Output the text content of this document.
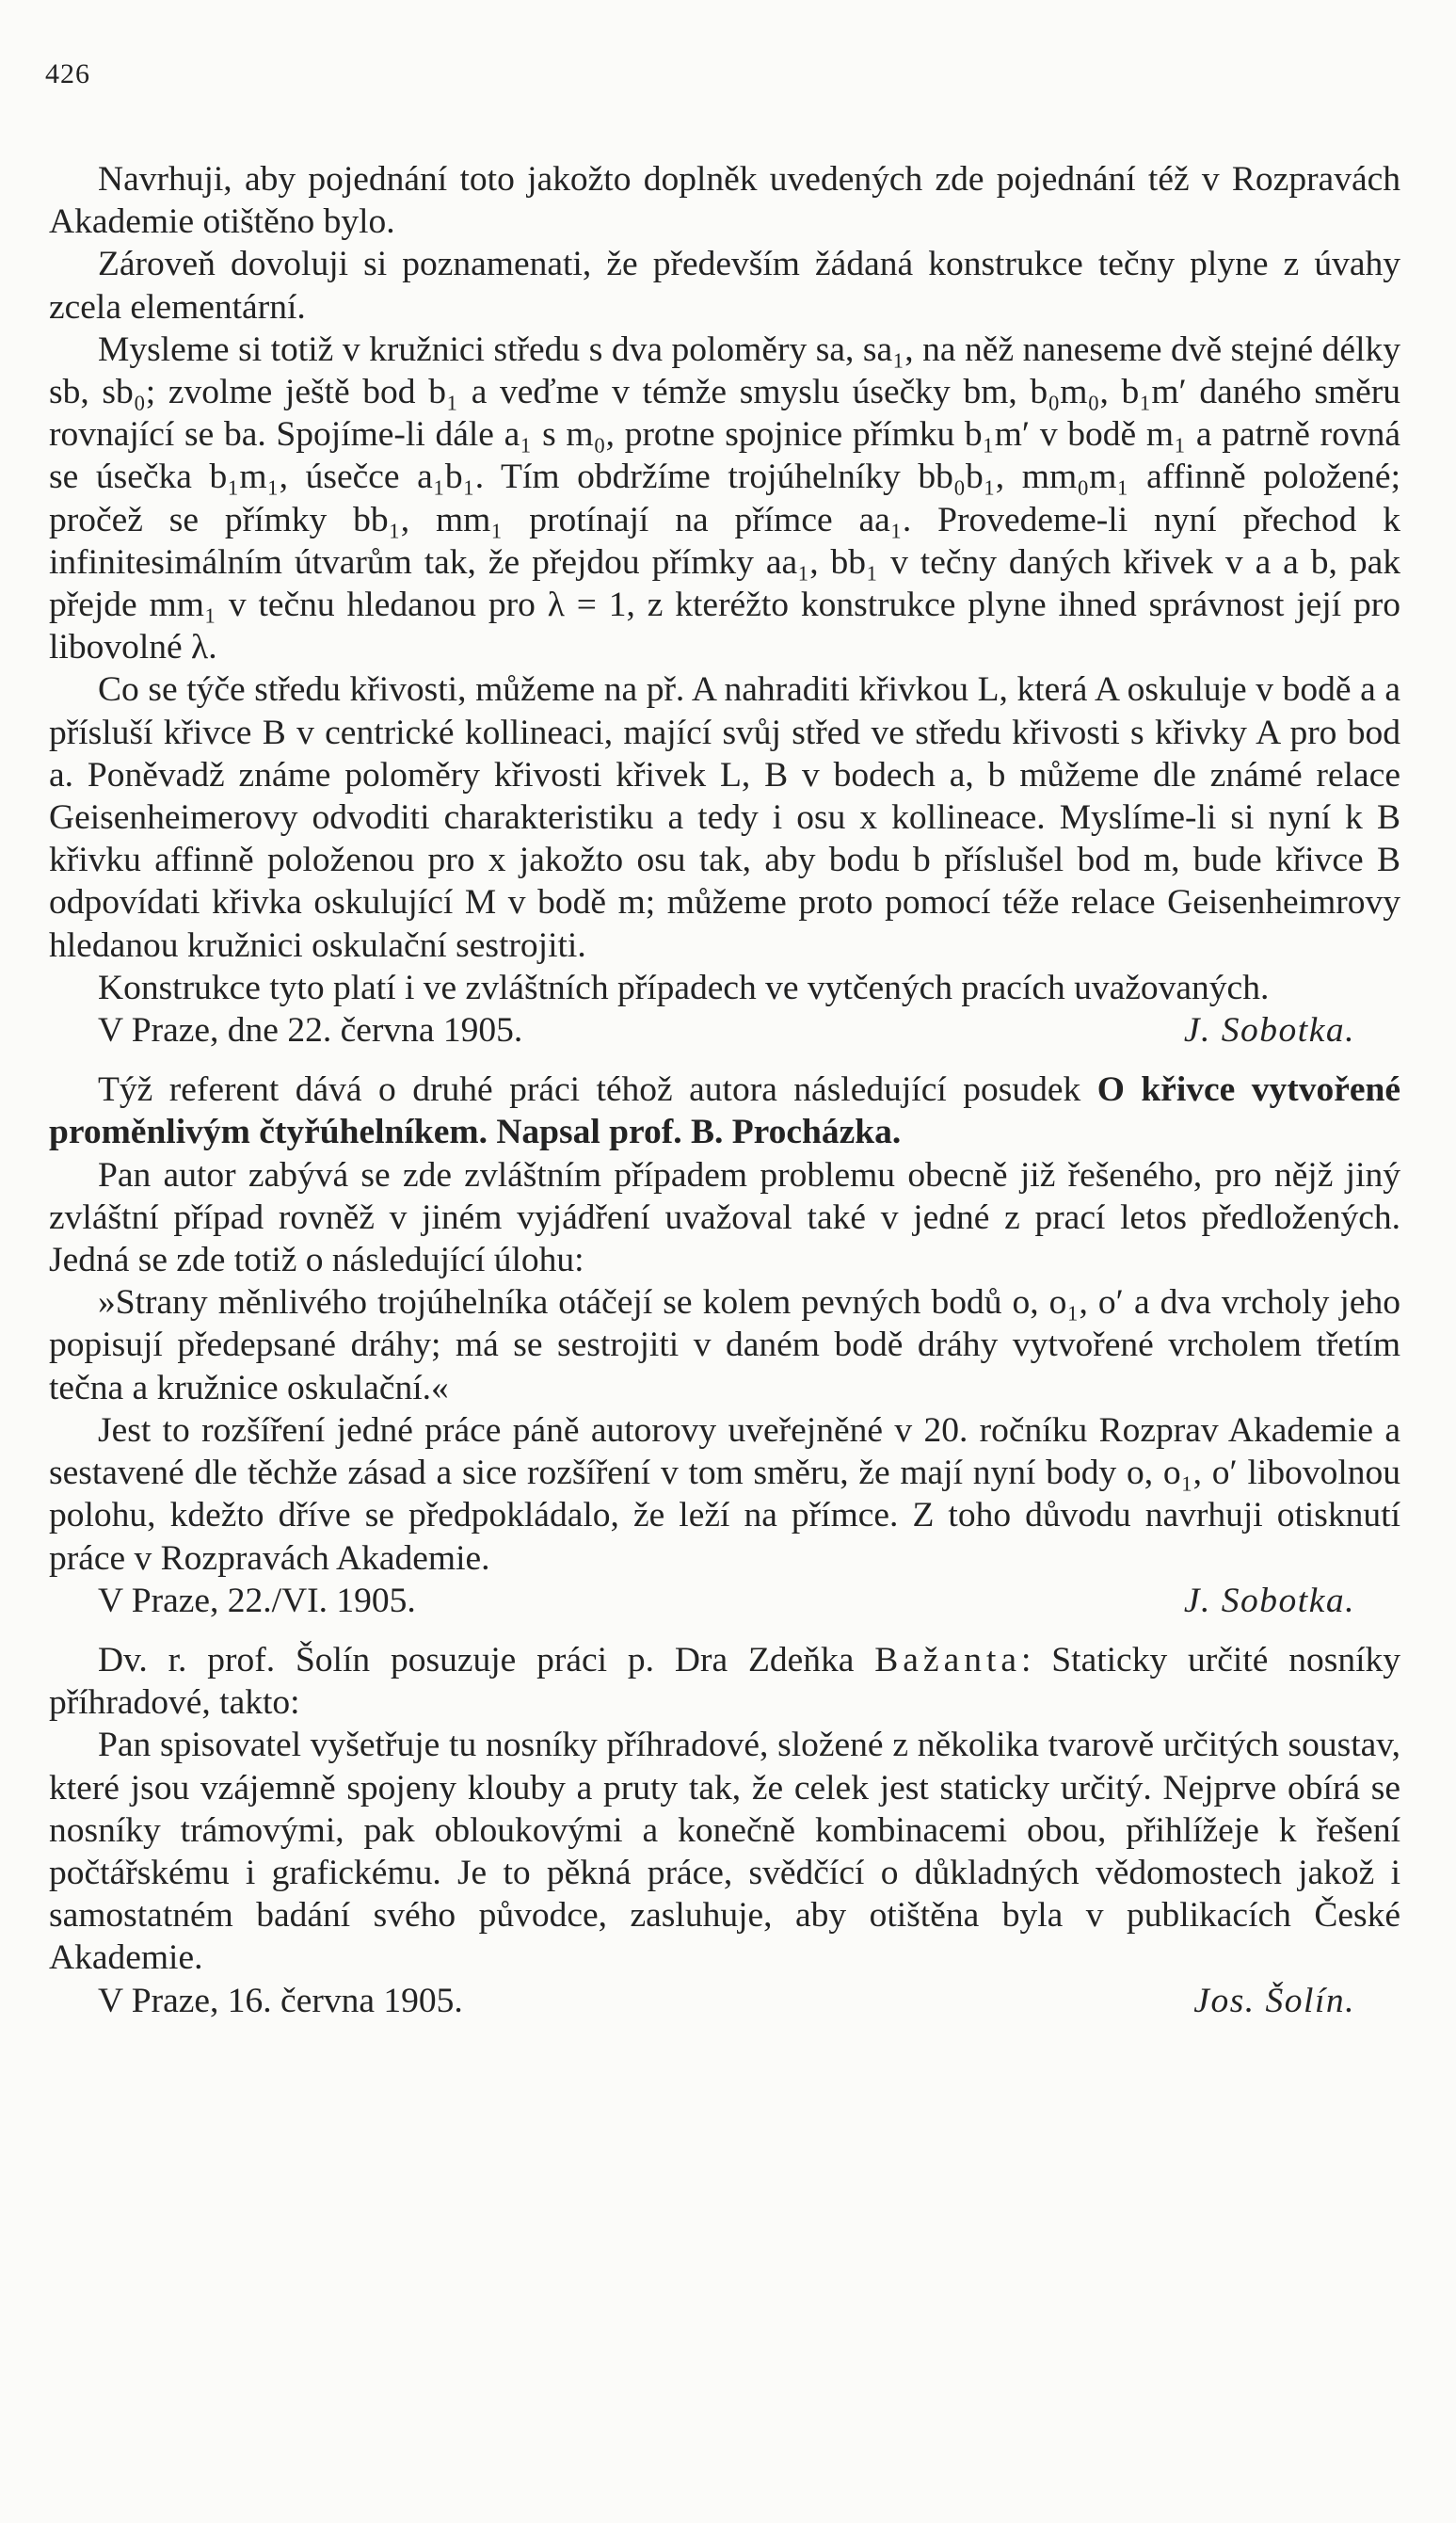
426

Navrhuji, aby pojednání toto jakožto doplněk uvedených zde pojednání též v Rozpravách Akademie otištěno bylo.

Zároveň dovoluji si poznamenati, že především žádaná konstrukce tečny plyne z úvahy zcela elementární.

Mysleme si totiž v kružnici středu s dva poloměry sa, sa₁, na něž naneseme dvě stejné délky sb, sb₀; zvolme ještě bod b₁ a veďme v témže smyslu úsečky bm, b₀m₀, b₁m′ daného směru rovnající se ba. Spojíme-li dále a₁ s m₀, protne spojnice přímku b₁m′ v bodě m₁ a patrně rovná se úsečka b₁m₁, úsečce a₁b₁. Tím obdržíme trojúhelníky bb₀b₁, mm₀m₁ affinně položené; pročež se přímky bb₁, mm₁ protínají na přímce aa₁. Provedeme-li nyní přechod k infinitesimálním útvarům tak, že přejdou přímky aa₁, bb₁ v tečny daných křivek v a a b, pak přejde mm₁ v tečnu hledanou pro λ = 1, z kteréžto konstrukce plyne ihned správnost její pro libovolné λ.

Co se týče středu křivosti, můžeme na př. A nahraditi křivkou L, která A oskuluje v bodě a a přísluší křivce B v centrické kollineaci, mající svůj střed ve středu křivosti s křivky A pro bod a. Poněvadž známe poloměry křivosti křivek L, B v bodech a, b můžeme dle známé relace Geisenheimerovy odvoditi charakteristiku a tedy i osu x kollineace. Myslíme-li si nyní k B křivku affinně položenou pro x jakožto osu tak, aby bodu b příslušel bod m, bude křivce B odpovídati křivka oskulující M v bodě m; můžeme proto pomocí téže relace Geisenheimrovy hledanou kružnici oskulační sestrojiti.

Konstrukce tyto platí i ve zvláštních případech ve vytčených pracích uvažovaných.

V Praze, dne 22. června 1905.	J. Sobotka.

Týž referent dává o druhé práci téhož autora následující posudek O křivce vytvořené proměnlivým čtyřúhelníkem. Napsal prof. B. Procházka.

Pan autor zabývá se zde zvláštním případem problemu obecně již řešeného, pro nějž jiný zvláštní případ rovněž v jiném vyjádření uvažoval také v jedné z prací letos předložených. Jedná se zde totiž o následující úlohu:

»Strany měnlivého trojúhelníka otáčejí se kolem pevných bodů o, o₁, o′ a dva vrcholy jeho popisují předepsané dráhy; má se sestrojiti v daném bodě dráhy vytvořené vrcholem třetím tečna a kružnice oskulační.«

Jest to rozšíření jedné práce páně autorovy uveřejněné v 20. ročníku Rozprav Akademie a sestavené dle těchže zásad a sice rozšíření v tom směru, že mají nyní body o, o₁, o′ libovolnou polohu, kdežto dříve se předpokládalo, že leží na přímce. Z toho důvodu navrhuji otisknutí práce v Rozpravách Akademie.

V Praze, 22./VI. 1905.	J. Sobotka.

Dv. r. prof. Šolín posuzuje práci p. Dra Zdeňka Bažanta: Staticky určité nosníky příhradové, takto:

Pan spisovatel vyšetřuje tu nosníky příhradové, složené z několika tvarově určitých soustav, které jsou vzájemně spojeny klouby a pruty tak, že celek jest staticky určitý. Nejprve obírá se nosníky trámovými, pak obloukovými a konečně kombinacemi obou, přihlížeje k řešení počtářskému i grafickému. Je to pěkná práce, svědčící o důkladných vědomostech jakož i samostatném badání svého původce, zasluhuje, aby otištěna byla v publikacích České Akademie.

V Praze, 16. června 1905.	Jos. Šolín.
